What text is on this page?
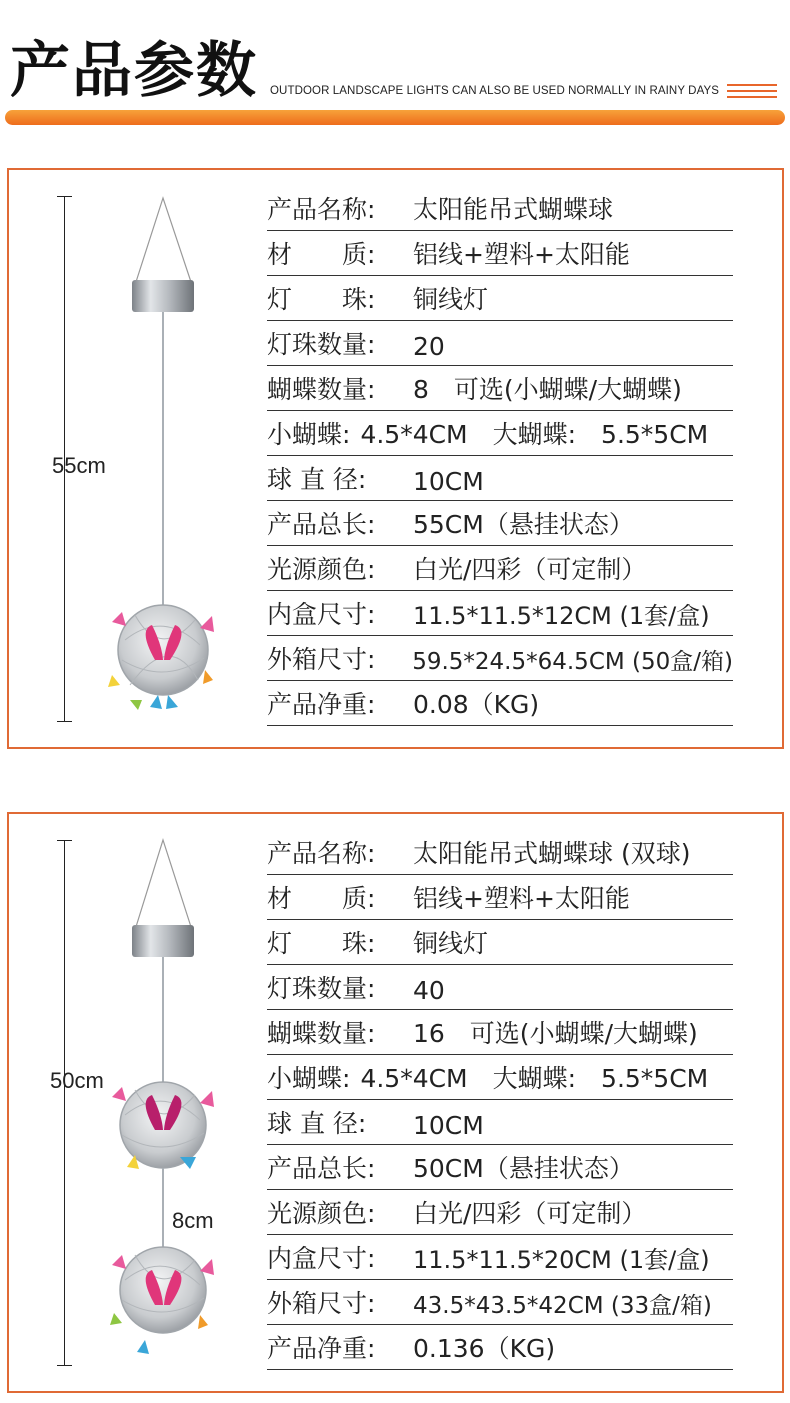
产品参数 OUTDOOR LANDSCAPE LIGHTS CAN ALSO BE USED NORMALLY IN RAINY DAYS
55cm
产品名称:	太阳能吊式蝴蝶球
材　　质:	铝线+塑料+太阳能
灯　　珠:	铜线灯
灯珠数量:	20
蝴蝶数量:	8　可选(小蝴蝶/大蝴蝶)
小蝴蝶: 4.5*4CM　大蝴蝶:　5.5*5CM
球 直 径:	10CM
产品总长:	55CM（悬挂状态）
光源颜色:	白光/四彩（可定制）
内盒尺寸:	11.5*11.5*12CM (1套/盒)
外箱尺寸:	59.5*24.5*64.5CM (50盒/箱)
产品净重:	0.08（KG)
50cm
8cm
产品名称:	太阳能吊式蝴蝶球 (双球)
材　　质:	铝线+塑料+太阳能
灯　　珠:	铜线灯
灯珠数量:	40
蝴蝶数量:	16　可选(小蝴蝶/大蝴蝶)
小蝴蝶: 4.5*4CM　大蝴蝶:　5.5*5CM
球 直 径:	10CM
产品总长:	50CM（悬挂状态）
光源颜色:	白光/四彩（可定制）
内盒尺寸:	11.5*11.5*20CM (1套/盒)
外箱尺寸:	43.5*43.5*42CM (33盒/箱)
产品净重:	0.136（KG)
